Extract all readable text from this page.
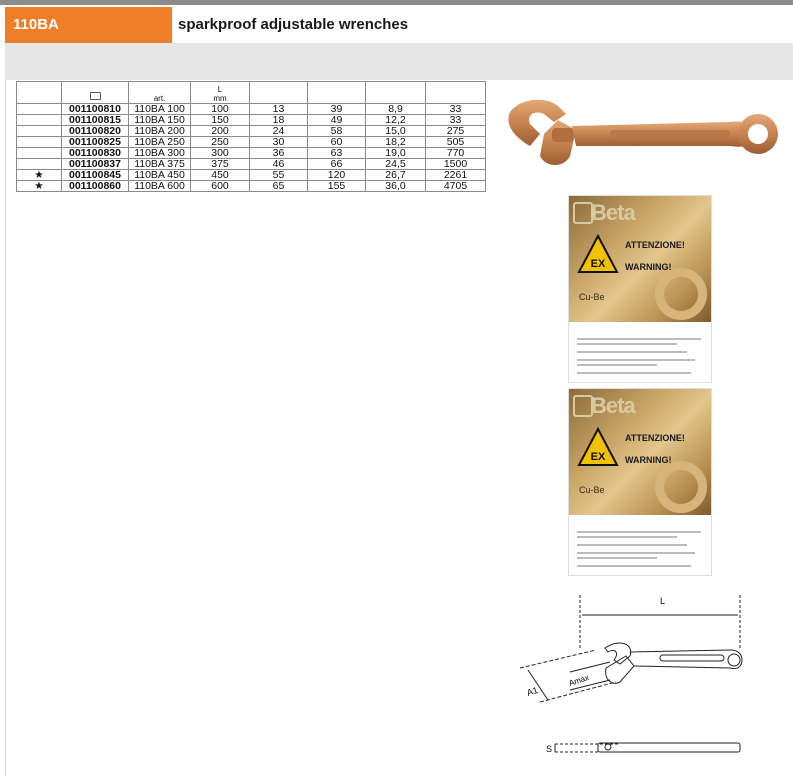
110BA	sparkproof adjustable wrenches
		art.	L
mm				

	001100810	110BA 100	100	13	39	8,9	33
	001100815	110BA 150	150	18	49	12,2	33
	001100820	110BA 200	200	24	58	15,0	275
	001100825	110BA 250	250	30	60	18,2	505
	001100830	110BA 300	300	36	63	19,0	770
	001100837	110BA 375	375	46	66	24,5	1500
★	001100845	110BA 450	450	55	120	26,7	2261
★	001100860	110BA 600	600	65	155	36,0	4705
Beta
EX
ATTENZIONE!
WARNING!
Cu-Be
Beta
EX
ATTENZIONE!
WARNING!
Cu-Be
L
A1
Amax
S
